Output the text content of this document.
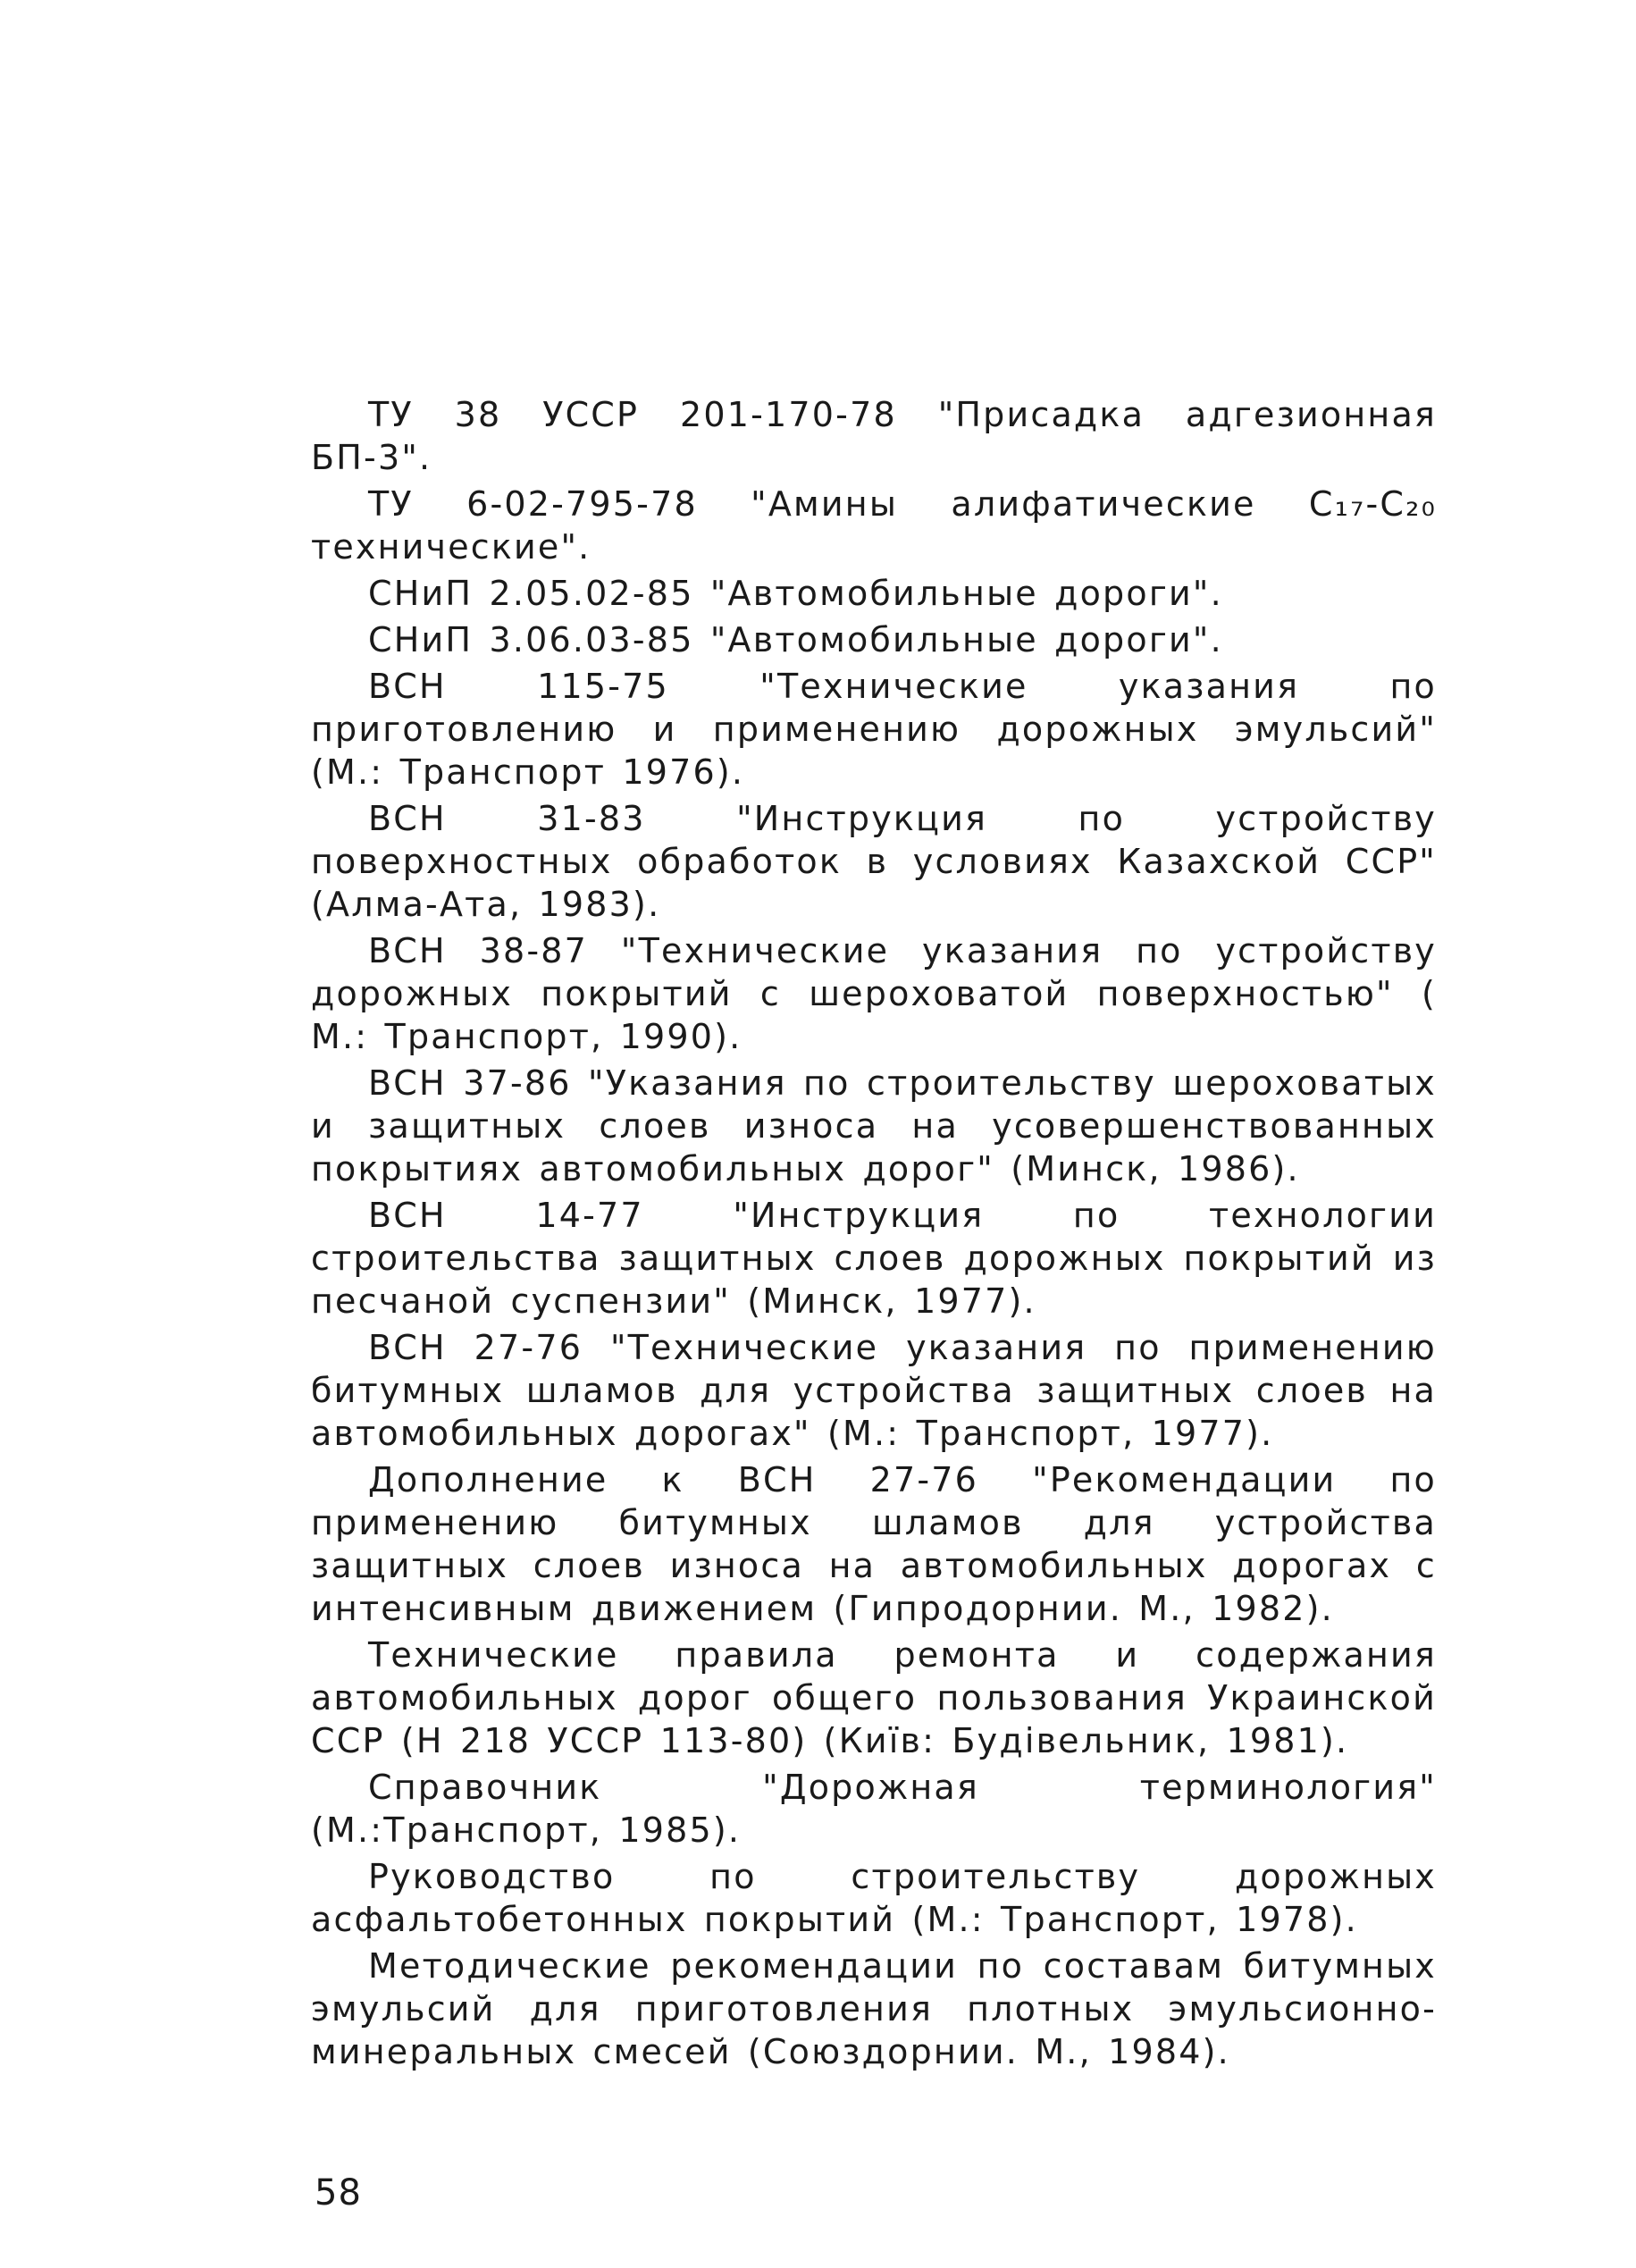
ТУ 38 УССР 201-170-78 "Присадка адгезионная БП-3".

ТУ 6-02-795-78 "Амины алифатические C₁₇-C₂₀ технические".

СНиП 2.05.02-85 "Автомобильные дороги".

СНиП 3.06.03-85 "Автомобильные дороги".

ВСН 115-75 "Технические указания по приготовлению и применению дорожных эмульсий" (М.: Транспорт 1976).

ВСН 31-83 "Инструкция по устройству поверхностных обработок в условиях Казахской ССР" (Алма-Ата, 1983).

ВСН 38-87 "Технические указания по устройству дорожных покрытий с шероховатой поверхностью" ( М.: Транспорт, 1990).

ВСН 37-86 "Указания по строительству шероховатых и защитных слоев износа на усовершенствованных покрытиях автомобильных дорог" (Минск, 1986).

ВСН 14-77 "Инструкция по технологии строительства защитных слоев дорожных покрытий из песчаной суспензии" (Минск, 1977).

ВСН 27-76 "Технические указания по применению битумных шламов для устройства защитных слоев на автомобильных дорогах" (М.: Транспорт, 1977).

Дополнение к ВСН 27-76 "Рекомендации по применению битумных шламов для устройства защитных слоев износа на автомобильных дорогах с интенсивным движением (Гипродорнии. М., 1982).

Технические правила ремонта и содержания автомобильных дорог общего пользования Украинской ССР (Н 218 УССР 113-80) (Київ: Будiвельник, 1981).

Справочник "Дорожная терминология" (М.:Транспорт, 1985).

Руководство по строительству дорожных асфальтобетонных покрытий (М.: Транспорт, 1978).

Методические рекомендации по составам битумных эмульсий для приготовления плотных эмульсионно-минеральных смесей (Союздорнии. М., 1984).

58
